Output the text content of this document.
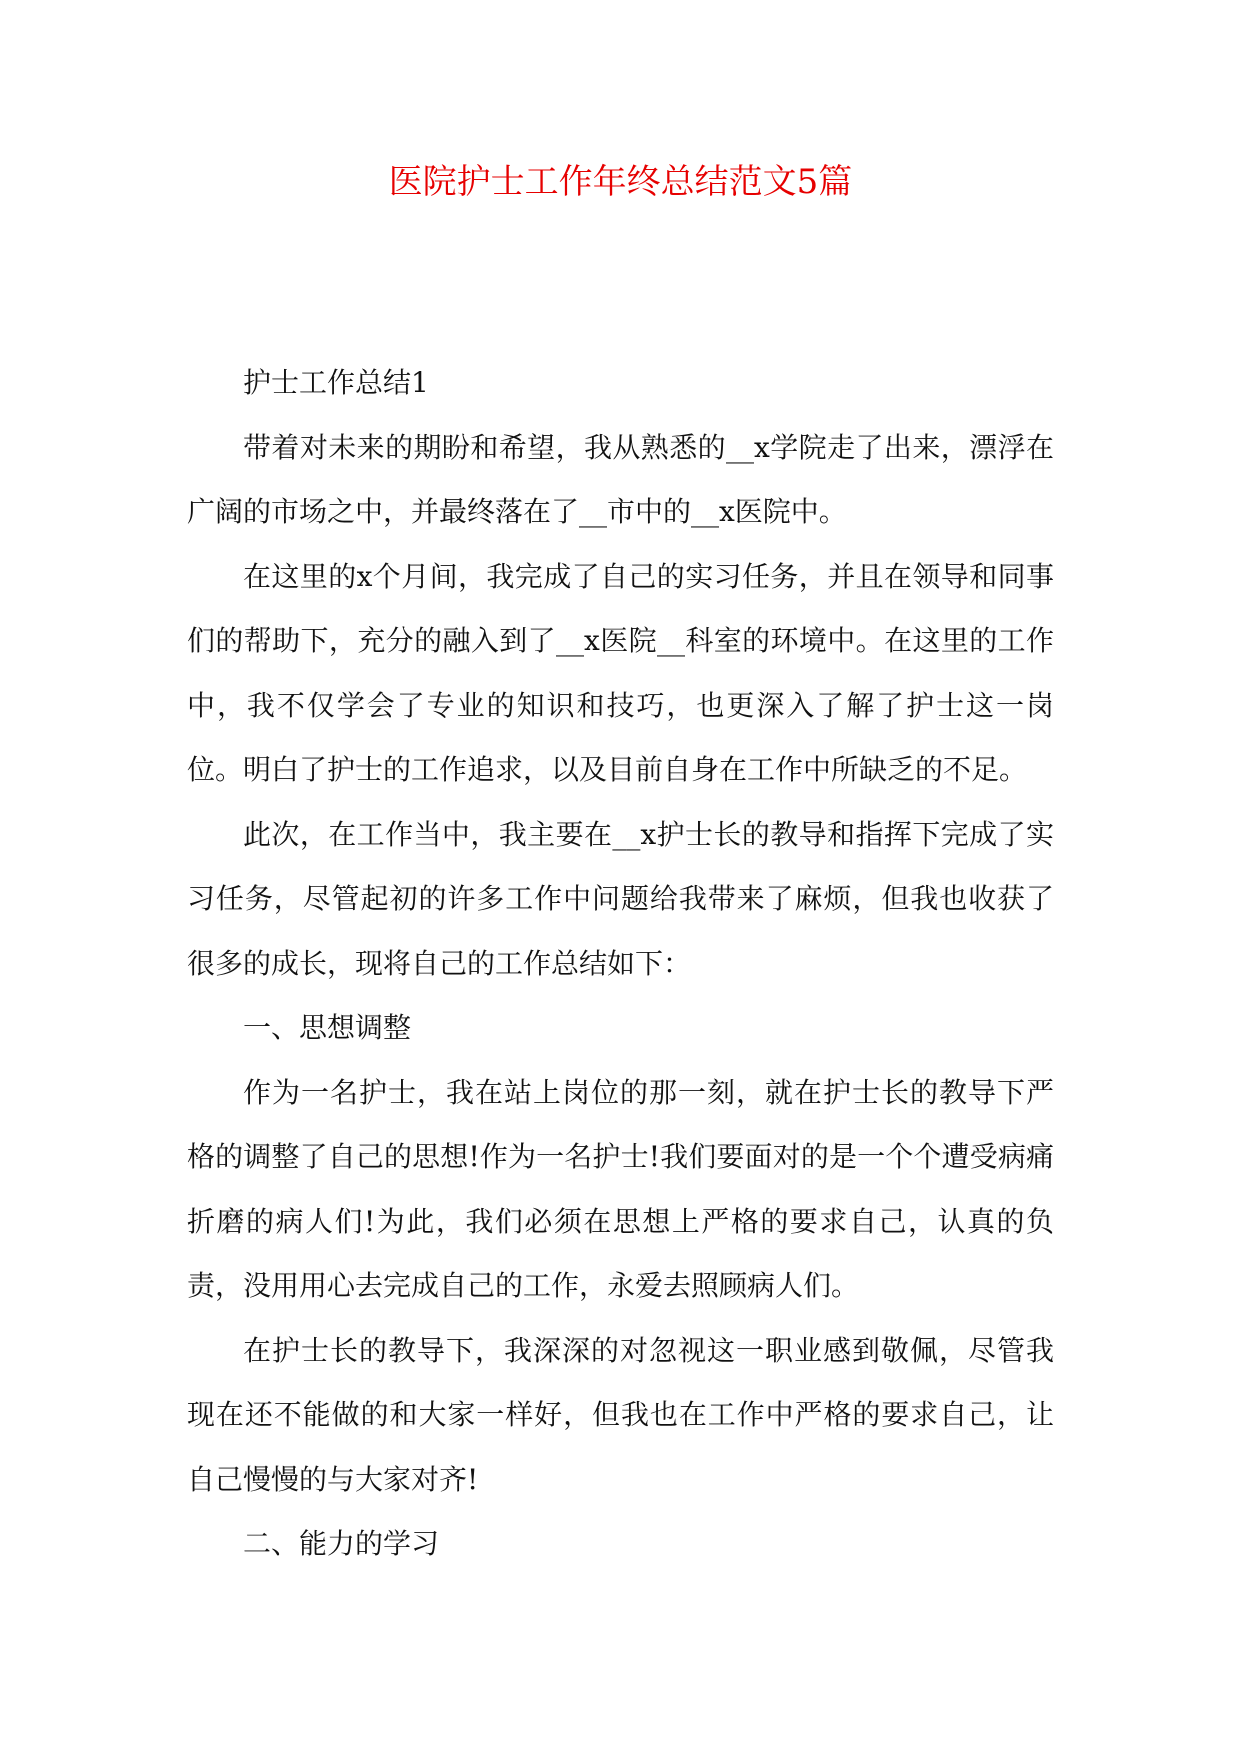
医院护士工作年终总结范文5篇

护士工作总结1

带着对未来的期盼和希望，我从熟悉的__x学院走了出来，漂浮在广阔的市场之中，并最终落在了__市中的__x医院中。

在这里的x个月间，我完成了自己的实习任务，并且在领导和同事们的帮助下，充分的融入到了__x医院__科室的环境中。在这里的工作中，我不仅学会了专业的知识和技巧，也更深入了解了护士这一岗位。明白了护士的工作追求，以及目前自身在工作中所缺乏的不足。

此次，在工作当中，我主要在__x护士长的教导和指挥下完成了实习任务，尽管起初的许多工作中问题给我带来了麻烦，但我也收获了很多的成长，现将自己的工作总结如下：

一、思想调整

作为一名护士，我在站上岗位的那一刻，就在护士长的教导下严格的调整了自己的思想!作为一名护士!我们要面对的是一个个遭受病痛折磨的病人们!为此，我们必须在思想上严格的要求自己，认真的负责，没用用心去完成自己的工作，永爱去照顾病人们。

在护士长的教导下，我深深的对忽视这一职业感到敬佩，尽管我现在还不能做的和大家一样好，但我也在工作中严格的要求自己，让自己慢慢的与大家对齐!

二、能力的学习
